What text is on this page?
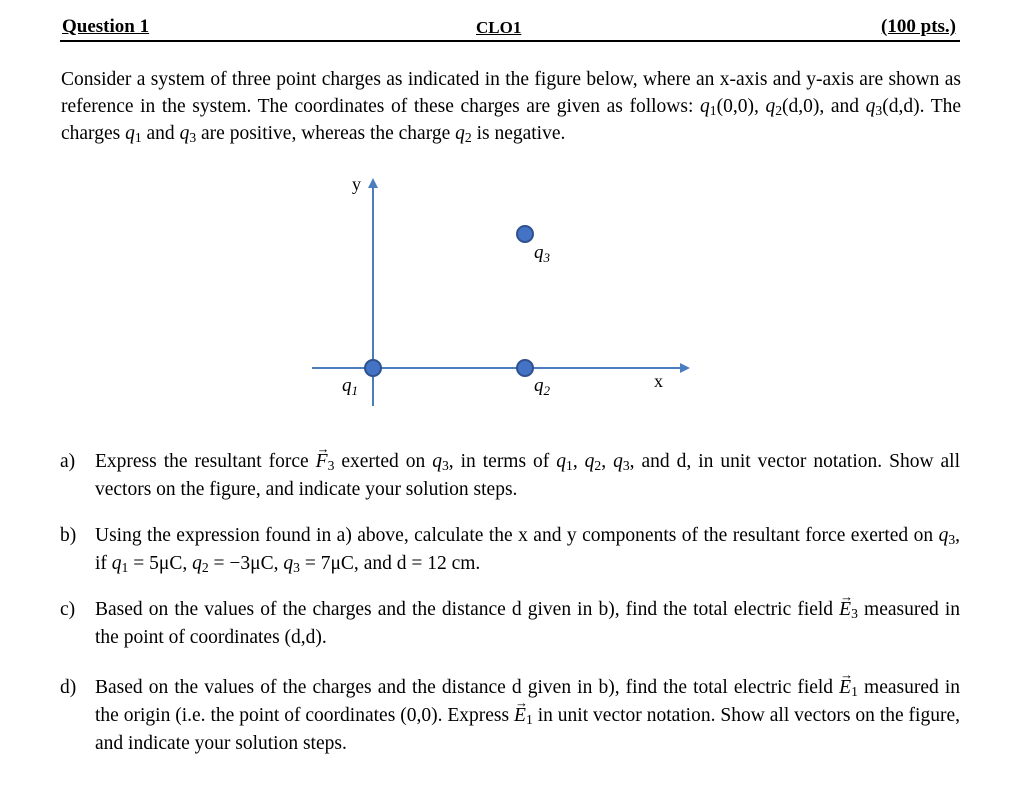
Question 1	CLO1	(100 pts.)

Consider a system of three point charges as indicated in the figure below, where an x-axis and y-axis are shown as reference in the system. The coordinates of these charges are given as follows: $q_1(0,0)$, $q_2(d,0)$, and $q_3(d,d)$. The charges $q_1$ and $q_3$ are positive, whereas the charge $q_2$ is negative.

y
x
$q_1$	$q_2$
$q_3$
a) Express the resultant force → $F_3$ exerted on $q_3$, in terms of $q_1$, $q_2$, $q_3$, and d, in unit vector notation. Show all vectors on the figure, and indicate your solution steps.

b) Using the expression found in a) above, calculate the x and y components of the resultant force exerted on $q_3$, if $q_1 = 5\mu C$, $q_2 = -3\mu C$, $q_3 = 7\mu C$, and d = 12 cm.

c) Based on the values of the charges and the distance d given in b), find the total electric field → $E_3$ measured in the point of coordinates (d,d).

d) Based on the values of the charges and the distance d given in b), find the total electric field → $E_1$ measured in the origin (i.e. the point of coordinates (0,0). Express → $E_1$ in unit vector notation. Show all vectors on the figure, and indicate your solution steps.
